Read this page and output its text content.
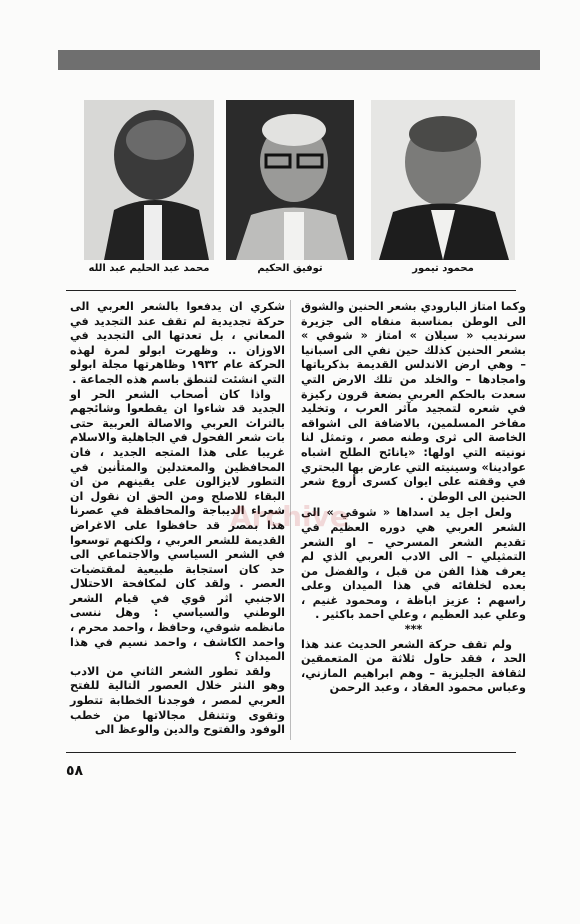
محمد عبد الحليم عبد الله	توفيق الحكيم	محمود تيمور

وكما امتاز البارودي بشعر الحنين والشوق الى الوطن بمناسبة منفاه الى جزيرة سرنديب « سيلان » امتاز « شوقي » بشعر الحنين كذلك حين نفي الى اسبانيا – وهي ارض الاندلس القديمة بذكرياتها وامجادها – والخلد من تلك الارض التي سعدت بالحكم العربي بضعة قرون ركيزة في شعره لتمجيد مآثر العرب ، وتخليد مفاخر المسلمين، بالاضافة الى اشواقه الخاصة الى ثرى وطنه مصر ، وتمثل لنا نونيته التي اولها: «يانائح الطلح اشباه عوادينا» وسينيته التي عارض بها البحتري في وقفته على ايوان كسرى أروع شعر الحنين الى الوطن .

ولعل اجل يد اسداها « شوقي » الى الشعر العربي هي دوره العظيم في تقديم الشعر المسرحي – او الشعر التمثيلي – الى الادب العربي الذي لم يعرف هذا الفن من قبل ، والفضل من بعده لخلفائه في هذا الميدان وعلى راسهم : عزيز اباظة ، ومحمود غنيم ، وعلي عبد العظيم ، وعلي احمد باكثير .

***

ولم تقف حركة الشعر الحديث عند هذا الحد ، فقد حاول ثلاثة من المتعمقين لثقافة الجليزية – وهم ابراهيم المازني، وعباس محمود العقاد ، وعبد الرحمن

شكري ان يدفعوا بالشعر العربي الى حركة تجديدية لم تقف عند التجديد في المعاني ، بل تعدتها الى التجديد في الاوزان .. وظهرت ابولو لمرة لهذه الحركة عام ١٩٣٢ وظاهرتها مجلة ابولو التي انشئت لتنطق باسم هذه الجماعة .

واذا كان أصحاب الشعر الحر او الجديد قد شاءوا ان يقطعوا وشائجهم بالتراث العربي والاصالة العربية حتى بات شعر الفحول في الجاهلية والاسلام غريبا على هذا المتجه الجديد ، فان المحافظين والمعتدلين والمتأنين في التطور لايزالون على يقينهم من ان البقاء للاصلح ومن الحق ان نقول ان شعراء الديباجة والمحافظة في عصرنا هذا بمصر قد حافظوا على الاغراض القديمة للشعر العربي ، ولكنهم توسعوا في الشعر السياسي والاجتماعي الى حد كان استجابة طبيعية لمقتضيات العصر . ولقد كان لمكافحة الاحتلال الاجنبي اثر قوي في قيام الشعر الوطني والسياسي : وهل ننسى مانظمه شوقي، وحافظ ، واحمد محرم ، واحمد الكاشف ، واحمد نسيم في هذا الميدان ؟

ولقد تطور الشعر الثاني من الادب وهو النثر خلال العصور التالية للفتح العربي لمصر ، فوجدنا الخطابة تتطور وتقوى وتتنقل مجالاتها من خطب الوفود والفتوح والدين والوعظ الى

٥٨
Archive
